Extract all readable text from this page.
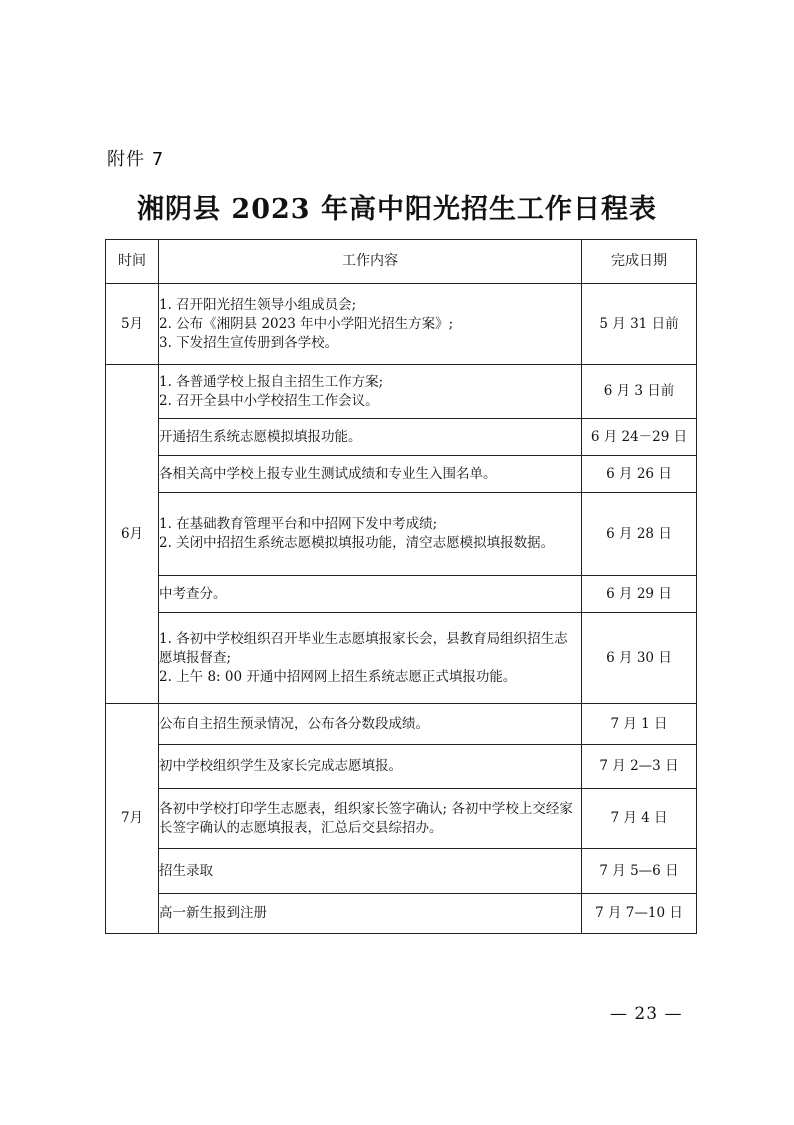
附件 7
湘阴县 2023 年高中阳光招生工作日程表
时间	工作内容	完成日期
5月	1. 召开阳光招生领导小组成员会;
2. 公布《湘阴县 2023 年中小学阳光招生方案》;
3. 下发招生宣传册到各学校。	5 月 31 日前
6月	1. 各普通学校上报自主招生工作方案;
2. 召开全县中小学校招生工作会议。	6 月 3 日前

	开通招生系统志愿模拟填报功能。	6 月 24－29 日

	各相关高中学校上报专业生测试成绩和专业生入围名单。	6 月 26 日

	1. 在基础教育管理平台和中招网下发中考成绩;
2. 关闭中招招生系统志愿模拟填报功能，清空志愿模拟填报数据。	6 月 28 日

	中考查分。	6 月 29 日

	1. 各初中学校组织召开毕业生志愿填报家长会，县教育局组织招生志愿填报督查;
2. 上午 8: 00 开通中招网网上招生系统志愿正式填报功能。	6 月 30 日
7月	公布自主招生预录情况，公布各分数段成绩。	7 月 1 日

	初中学校组织学生及家长完成志愿填报。	7 月 2—3 日

	各初中学校打印学生志愿表，组织家长签字确认; 各初中学校上交经家长签字确认的志愿填报表，汇总后交县综招办。	7 月 4 日

	招生录取	7 月 5—6 日

	高一新生报到注册	7 月 7—10 日
— 23 —
